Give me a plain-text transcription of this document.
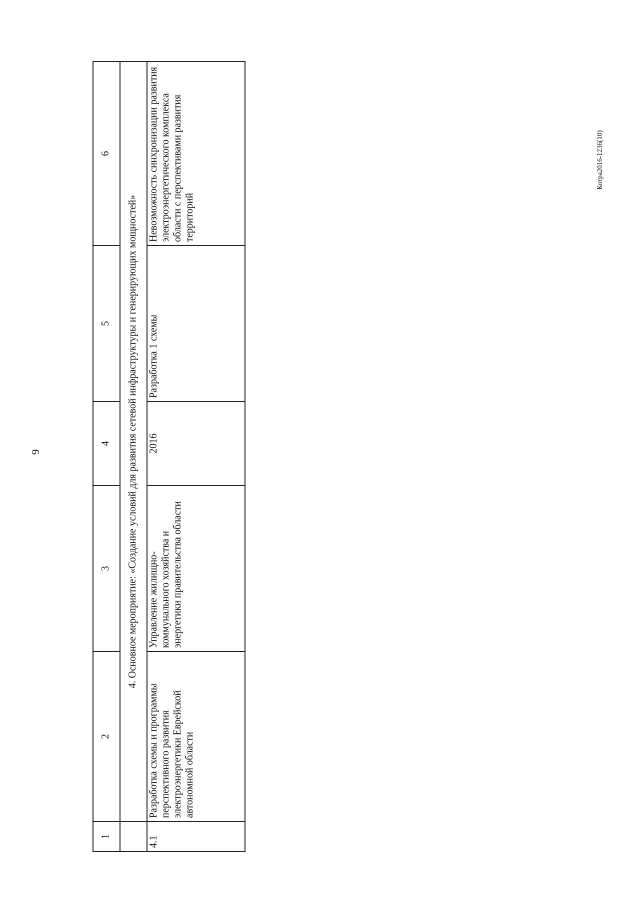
9
1	2	3	4	5	6
	4. Основное мероприятие: «Создание условий для развития сетевой инфраструктуры и генерирующих мощностей»				
4.1	Разработка схемы и программы перспективного развития электроэнергетики Еврейской автономной области	Управление жилищно-коммунального хозяйства и энергетики правительства области	2016	Разработка 1 схемы	Невозможность синхронизации развития электроэнергетического комплекса области с перспективами развития территорий
Котра2016-1236(10)
